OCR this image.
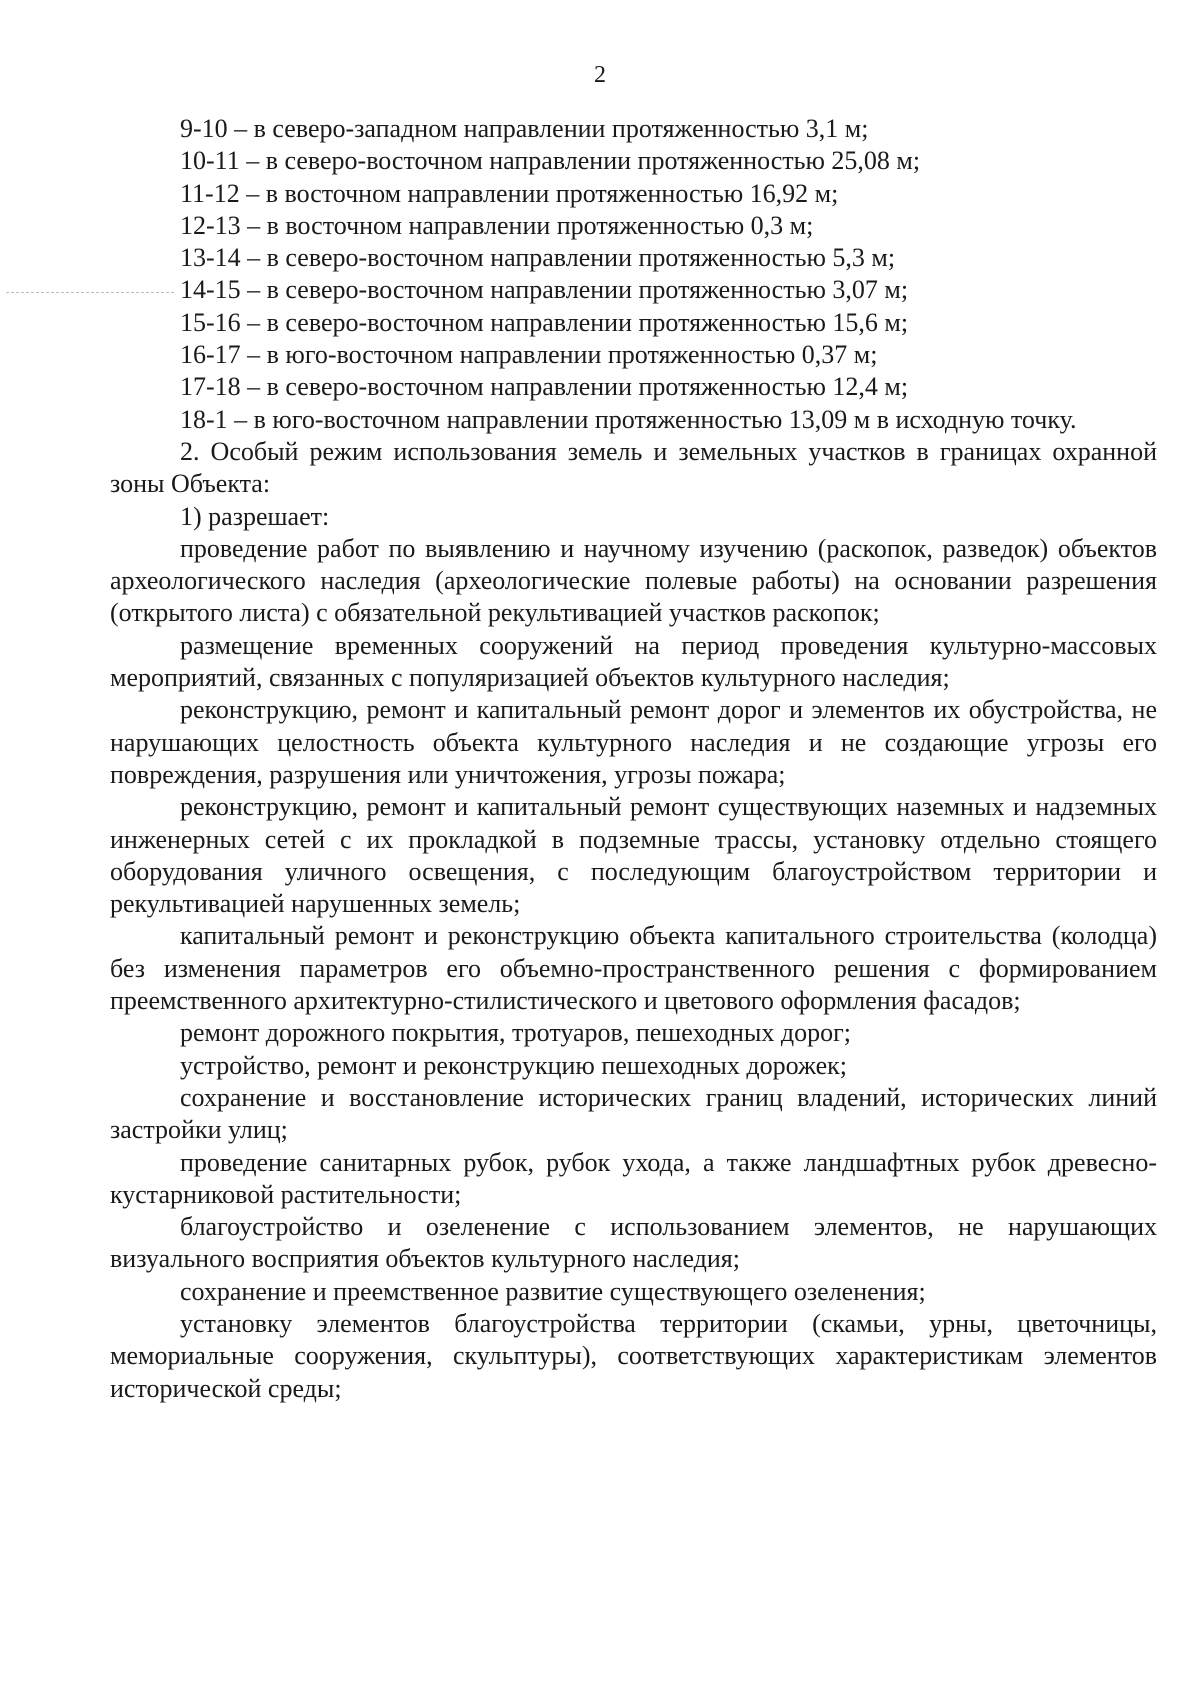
2

9-10 – в северо-западном направлении протяженностью 3,1 м;

10-11 – в северо-восточном направлении протяженностью 25,08 м;

11-12 – в восточном направлении протяженностью 16,92 м;

12-13 – в восточном направлении протяженностью 0,3 м;

13-14 – в северо-восточном направлении протяженностью 5,3 м;

14-15 – в северо-восточном направлении протяженностью 3,07 м;

15-16 – в северо-восточном направлении протяженностью 15,6 м;

16-17 – в юго-восточном направлении протяженностью 0,37 м;

17-18 – в северо-восточном направлении протяженностью 12,4 м;

18-1 – в юго-восточном направлении протяженностью 13,09 м в исходную точку.

2. Особый режим использования земель и земельных участков в границах охранной зоны Объекта:

1) разрешает:

проведение работ по выявлению и научному изучению (раскопок, разведок) объектов археологического наследия (археологические полевые работы) на основании разрешения (открытого листа) с обязательной рекультивацией участков раскопок;

размещение временных сооружений на период проведения культурно-массовых мероприятий, связанных с популяризацией объектов культурного наследия;

реконструкцию, ремонт и капитальный ремонт дорог и элементов их обустройства, не нарушающих целостность объекта культурного наследия и не создающие угрозы его повреждения, разрушения или уничтожения, угрозы пожара;

реконструкцию, ремонт и капитальный ремонт существующих наземных и надземных инженерных сетей с их прокладкой в подземные трассы, установку отдельно стоящего оборудования уличного освещения, с последующим благоустройством территории и рекультивацией нарушенных земель;

капитальный ремонт и реконструкцию объекта капитального строительства (колодца) без изменения параметров его объемно-пространственного решения с формированием преемственного архитектурно-стилистического и цветового оформления фасадов;

ремонт дорожного покрытия, тротуаров, пешеходных дорог;

устройство, ремонт и реконструкцию пешеходных дорожек;

сохранение и восстановление исторических границ владений, исторических линий застройки улиц;

проведение санитарных рубок, рубок ухода, а также ландшафтных рубок древесно-кустарниковой растительности;

благоустройство и озеленение с использованием элементов, не нарушающих визуального восприятия объектов культурного наследия;

сохранение и преемственное развитие существующего озеленения;

установку элементов благоустройства территории (скамьи, урны, цветочницы, мемориальные сооружения, скульптуры), соответствующих характеристикам элементов исторической среды;
